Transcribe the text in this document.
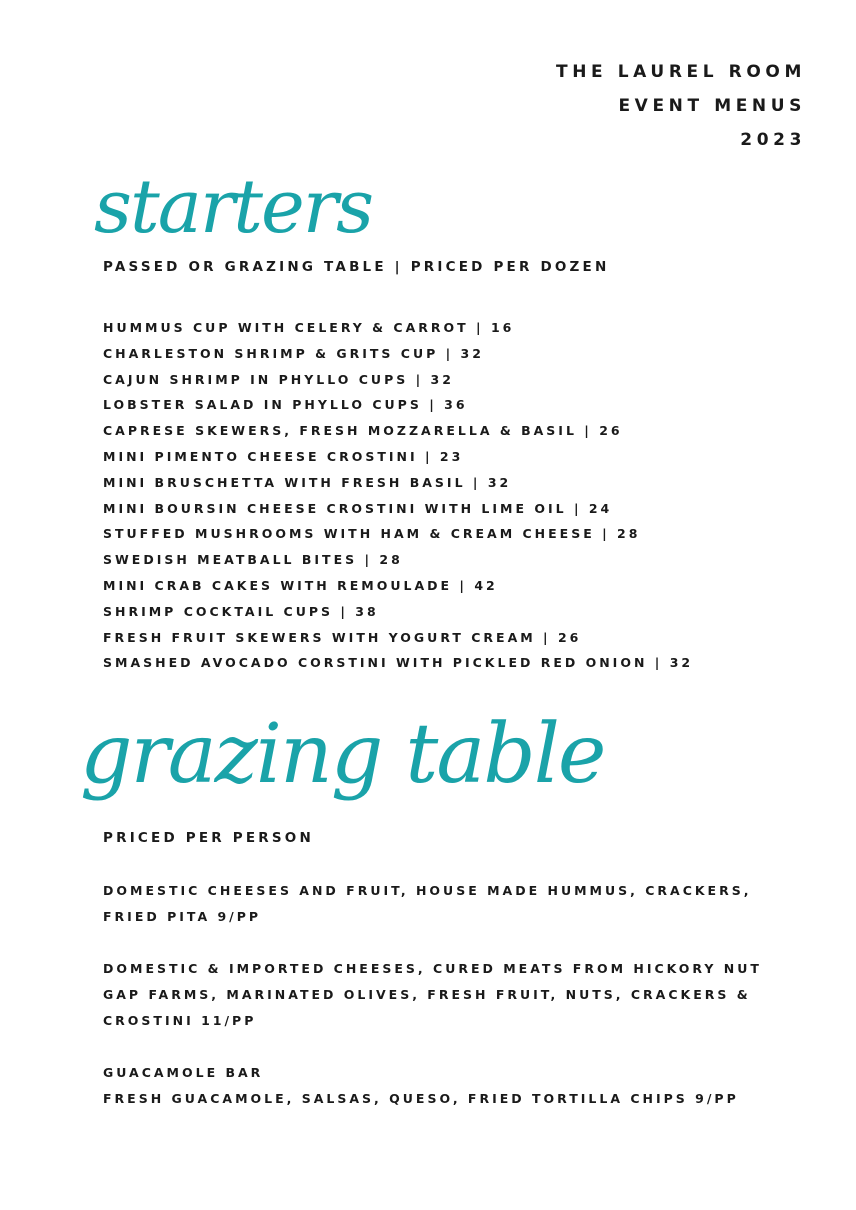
THE LAUREL ROOM
EVENT MENUS
2023
starters
PASSED OR GRAZING TABLE | PRICED PER DOZEN
HUMMUS CUP WITH CELERY & CARROT | 16
CHARLESTON SHRIMP & GRITS CUP | 32
CAJUN SHRIMP IN PHYLLO CUPS | 32
LOBSTER SALAD IN PHYLLO CUPS | 36
CAPRESE SKEWERS, FRESH MOZZARELLA & BASIL | 26
MINI PIMENTO CHEESE CROSTINI | 23
MINI BRUSCHETTA WITH FRESH BASIL | 32
MINI BOURSIN CHEESE CROSTINI WITH LIME OIL | 24
STUFFED MUSHROOMS WITH HAM & CREAM CHEESE | 28
SWEDISH MEATBALL BITES | 28
MINI CRAB CAKES WITH REMOULADE | 42
SHRIMP COCKTAIL CUPS | 38
FRESH FRUIT SKEWERS WITH YOGURT CREAM | 26
SMASHED AVOCADO CORSTINI WITH PICKLED RED ONION | 32
grazing table
PRICED PER PERSON
DOMESTIC CHEESES AND FRUIT, HOUSE MADE HUMMUS, CRACKERS,
FRIED PITA 9/PP
DOMESTIC & IMPORTED CHEESES, CURED MEATS FROM HICKORY NUT
GAP FARMS, MARINATED OLIVES, FRESH FRUIT, NUTS, CRACKERS &
CROSTINI 11/PP
GUACAMOLE BAR
FRESH GUACAMOLE, SALSAS, QUESO, FRIED TORTILLA CHIPS 9/PP
